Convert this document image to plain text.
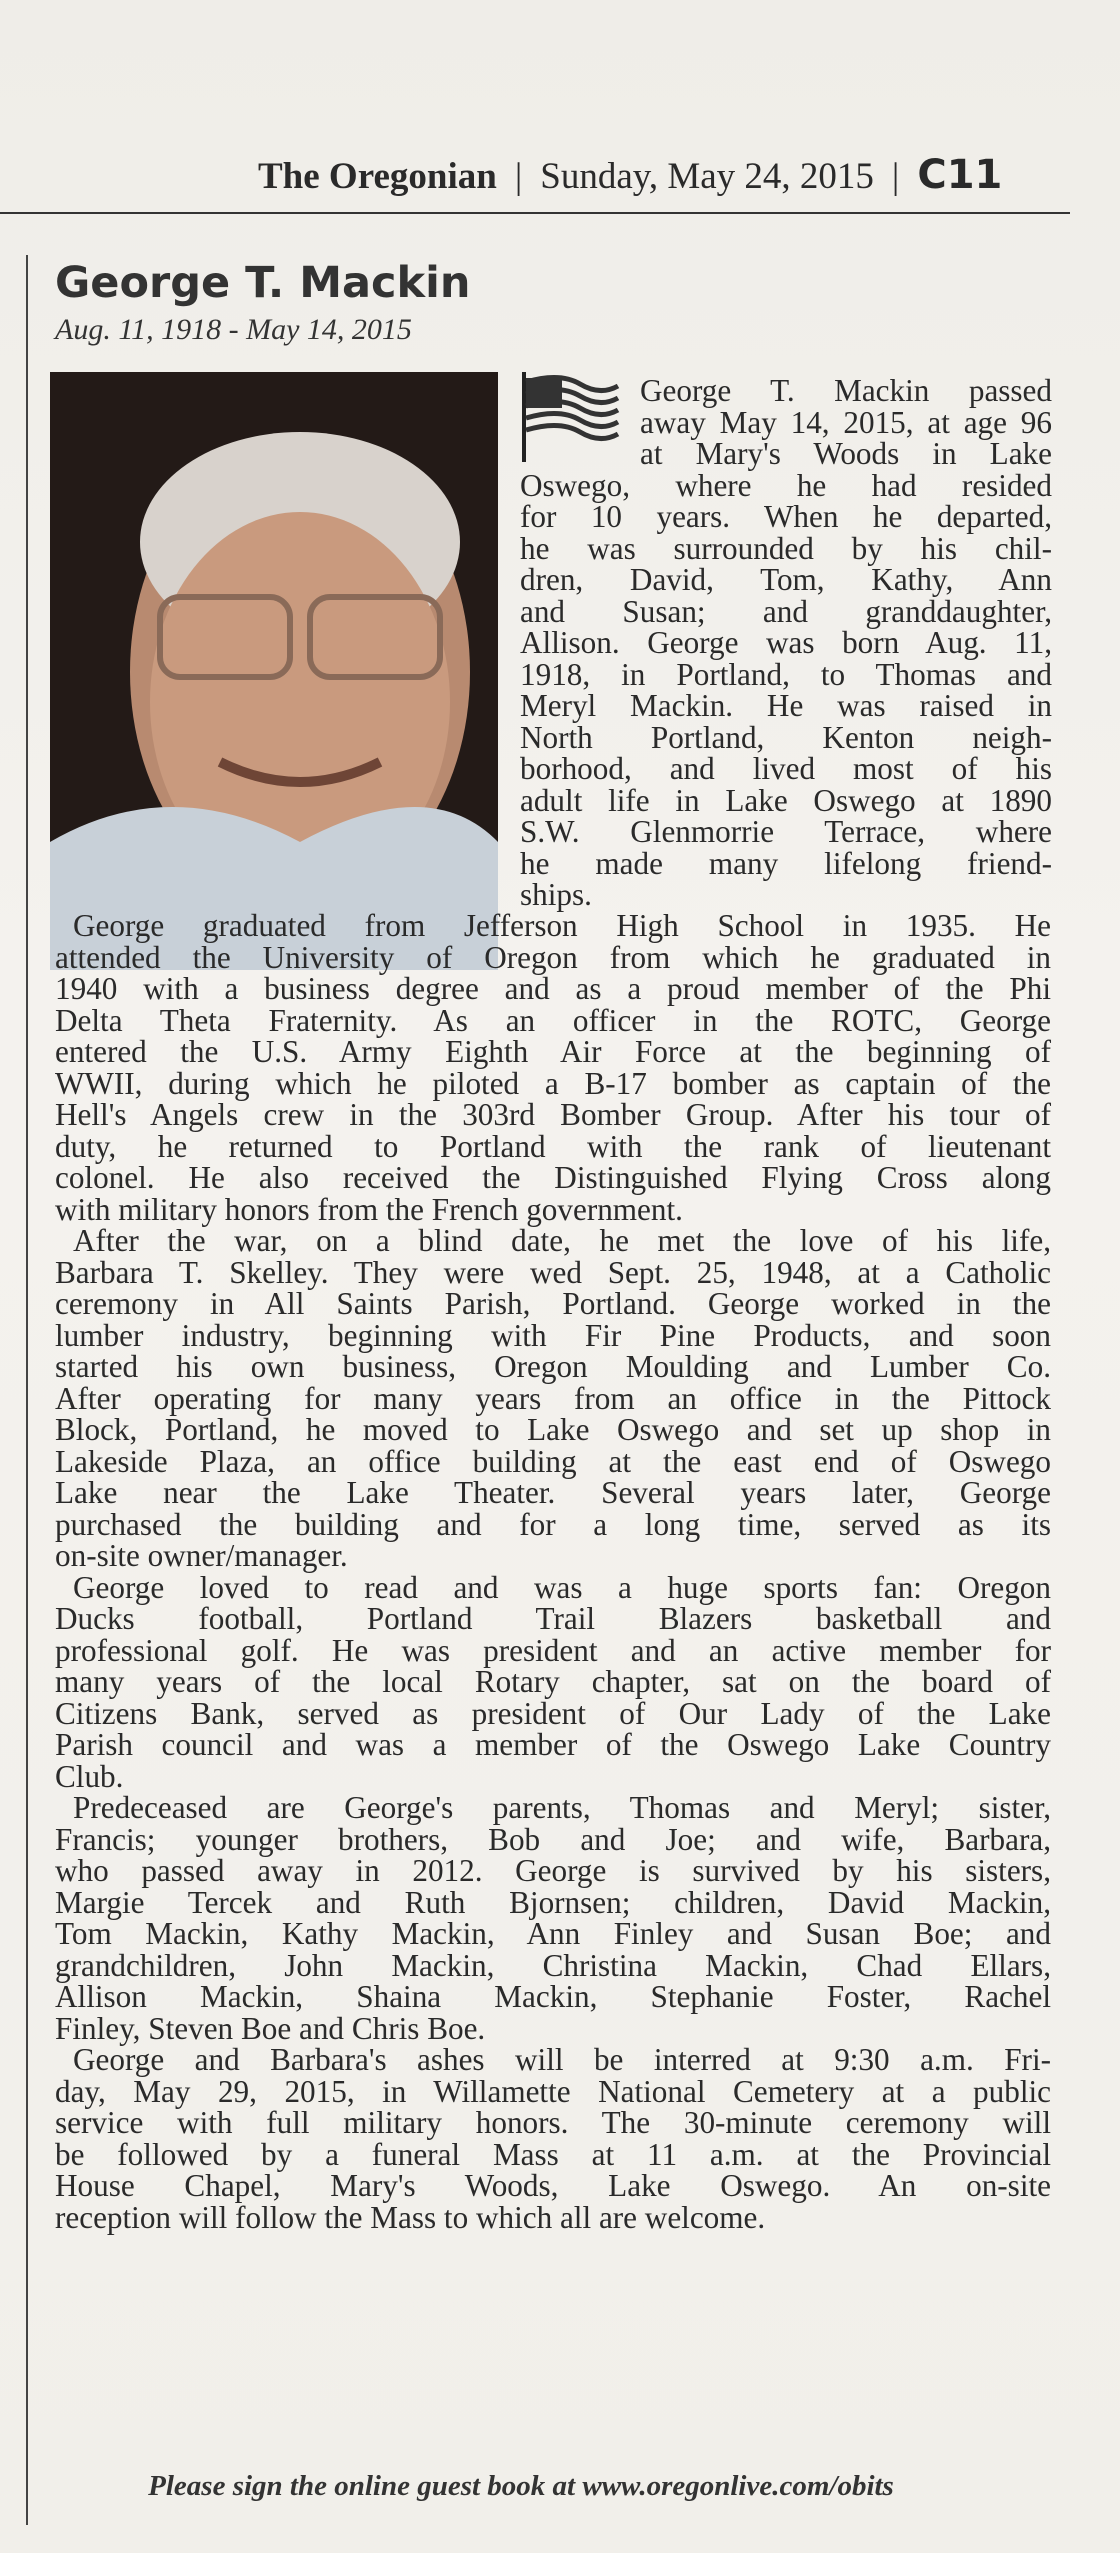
The Oregonian | Sunday, May 24, 2015 | C11
George T. Mackin
Aug. 11, 1918 - May 14, 2015
George T. Mackin passed
away May 14, 2015, at age 96
at Mary's Woods in Lake
Oswego, where he had resided
for 10 years. When he departed,
he was surrounded by his chil-
dren, David, Tom, Kathy, Ann
and Susan; and granddaughter,
Allison. George was born Aug. 11,
1918, in Portland, to Thomas and
Meryl Mackin. He was raised in
North Portland, Kenton neigh-
borhood, and lived most of his
adult life in Lake Oswego at 1890
S.W. Glenmorrie Terrace, where
he made many lifelong friend-
ships.
George graduated from Jefferson High School in 1935. He
attended the University of Oregon from which he graduated in
1940 with a business degree and as a proud member of the Phi
Delta Theta Fraternity. As an officer in the ROTC, George
entered the U.S. Army Eighth Air Force at the beginning of
WWII, during which he piloted a B-17 bomber as captain of the
Hell's Angels crew in the 303rd Bomber Group. After his tour of
duty, he returned to Portland with the rank of lieutenant
colonel. He also received the Distinguished Flying Cross along
with military honors from the French government.
After the war, on a blind date, he met the love of his life,
Barbara T. Skelley. They were wed Sept. 25, 1948, at a Catholic
ceremony in All Saints Parish, Portland. George worked in the
lumber industry, beginning with Fir Pine Products, and soon
started his own business, Oregon Moulding and Lumber Co.
After operating for many years from an office in the Pittock
Block, Portland, he moved to Lake Oswego and set up shop in
Lakeside Plaza, an office building at the east end of Oswego
Lake near the Lake Theater. Several years later, George
purchased the building and for a long time, served as its
on-site owner/manager.
George loved to read and was a huge sports fan: Oregon
Ducks football, Portland Trail Blazers basketball and
professional golf. He was president and an active member for
many years of the local Rotary chapter, sat on the board of
Citizens Bank, served as president of Our Lady of the Lake
Parish council and was a member of the Oswego Lake Country
Club.
Predeceased are George's parents, Thomas and Meryl; sister,
Francis; younger brothers, Bob and Joe; and wife, Barbara,
who passed away in 2012. George is survived by his sisters,
Margie Tercek and Ruth Bjornsen; children, David Mackin,
Tom Mackin, Kathy Mackin, Ann Finley and Susan Boe; and
grandchildren, John Mackin, Christina Mackin, Chad Ellars,
Allison Mackin, Shaina Mackin, Stephanie Foster, Rachel
Finley, Steven Boe and Chris Boe.
George and Barbara's ashes will be interred at 9:30 a.m. Fri-
day, May 29, 2015, in Willamette National Cemetery at a public
service with full military honors. The 30-minute ceremony will
be followed by a funeral Mass at 11 a.m. at the Provincial
House Chapel, Mary's Woods, Lake Oswego. An on-site
reception will follow the Mass to which all are welcome.
Please sign the online guest book at www.oregonlive.com/obits
